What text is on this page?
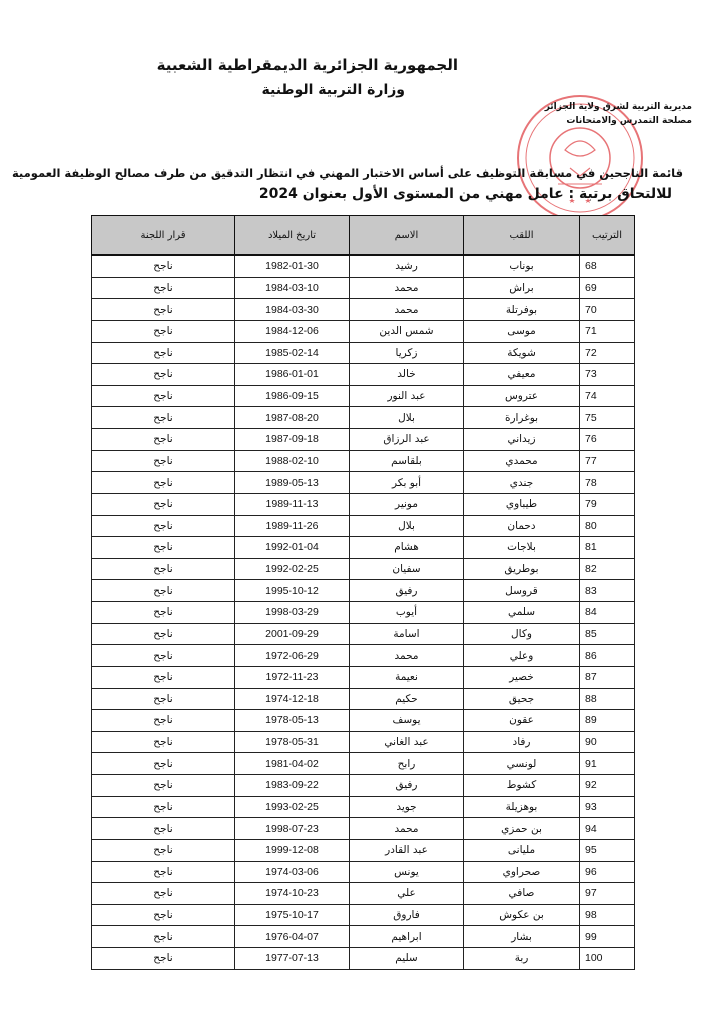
الجمهورية الجزائرية الديمقراطية الشعبية
وزارة التربية الوطنية
مديرية التربية لشرق ولاية الجزائر
مصلحة التمدرس والامتحانات
قائمة الناجحين في مسابقة التوظيف على أساس الاختبار المهني في انتظار التدقيق من طرف مصالح الوظيفة العمومية
للالتحاق برتبة : عامل مهني من المستوى الأول بعنوان 2024
الترتيب	اللقب	الاسم	تاريخ الميلاد	قرار اللجنة
68	بوناب	رشيد	1982-01-30	ناجح
69	براش	محمد	1984-03-10	ناجح
70	بوفرتلة	محمد	1984-03-30	ناجح
71	موسى	شمس الدين	1984-12-06	ناجح
72	شويكة	زكريا	1985-02-14	ناجح
73	معيفي	خالد	1986-01-01	ناجح
74	عتروس	عبد النور	1986-09-15	ناجح
75	بوغرارة	بلال	1987-08-20	ناجح
76	زيداني	عبد الرزاق	1987-09-18	ناجح
77	محمدي	بلقاسم	1988-02-10	ناجح
78	جندي	أبو بكر	1989-05-13	ناجح
79	طيباوي	مونير	1989-11-13	ناجح
80	دحمان	بلال	1989-11-26	ناجح
81	بلاجات	هشام	1992-01-04	ناجح
82	بوطريق	سفيان	1992-02-25	ناجح
83	قروسل	رفيق	1995-10-12	ناجح
84	سلمي	أيوب	1998-03-29	ناجح
85	وكال	اسامة	2001-09-29	ناجح
86	وعلي	محمد	1972-06-29	ناجح
87	خصير	نعيمة	1972-11-23	ناجح
88	جحيق	حكيم	1974-12-18	ناجح
89	عقون	يوسف	1978-05-13	ناجح
90	رفاد	عبد الغاني	1978-05-31	ناجح
91	لونسي	رابح	1981-04-02	ناجح
92	كشوط	رفيق	1983-09-22	ناجح
93	بوهزيلة	جويد	1993-02-25	ناجح
94	بن حمزي	محمد	1998-07-23	ناجح
95	مليانى	عبد القادر	1999-12-08	ناجح
96	صحراوي	يونس	1974-03-06	ناجح
97	صافي	علي	1974-10-23	ناجح
98	بن عكوش	فاروق	1975-10-17	ناجح
99	بشار	ابراهيم	1976-04-07	ناجح
100	ربة	سليم	1977-07-13	ناجح
